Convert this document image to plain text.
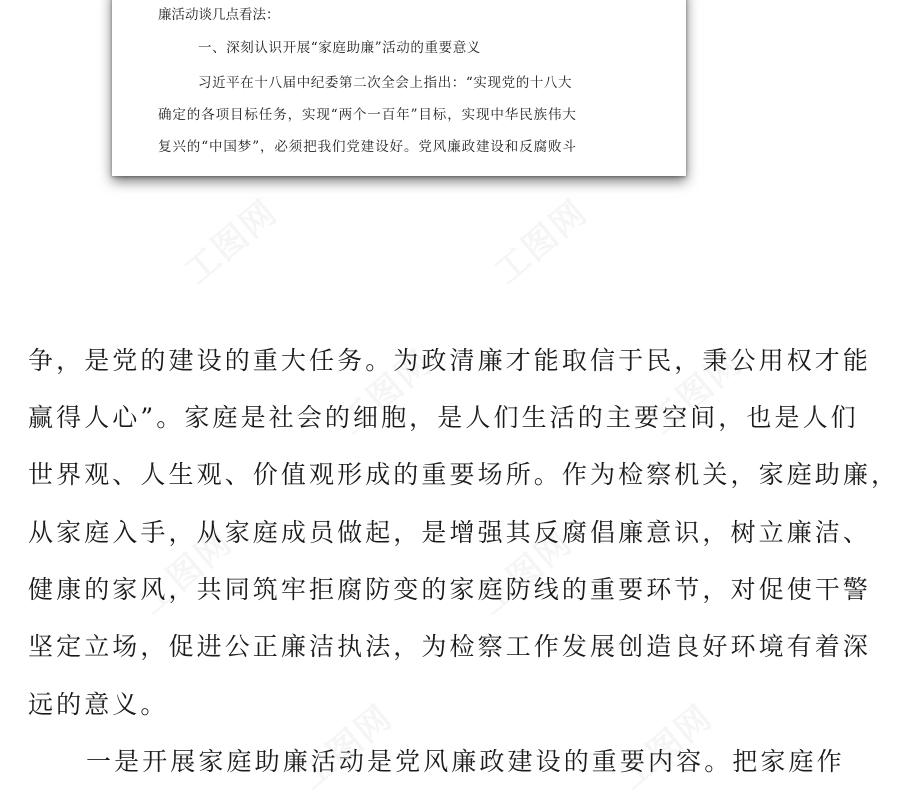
廉活动谈几点看法：
一、深刻认识开展“家庭助廉”活动的重要意义
习近平在十八届中纪委第二次全会上指出：“实现党的十八大
确定的各项目标任务，实现“两个一百年”目标，实现中华民族伟大
复兴的“中国梦”，必须把我们党建设好。党风廉政建设和反腐败斗
工图网	工图网
工图网	工图网
工图网	工图网
工图网	工图网
争，是党的建设的重大任务。为政清廉才能取信于民，秉公用权才能
赢得人心”。家庭是社会的细胞，是人们生活的主要空间，也是人们
世界观、人生观、价值观形成的重要场所。作为检察机关，家庭助廉，
从家庭入手，从家庭成员做起，是增强其反腐倡廉意识，树立廉洁、
健康的家风，共同筑牢拒腐防变的家庭防线的重要环节，对促使干警
坚定立场，促进公正廉洁执法，为检察工作发展创造良好环境有着深
远的意义。
一是开展家庭助廉活动是党风廉政建设的重要内容。把家庭作
